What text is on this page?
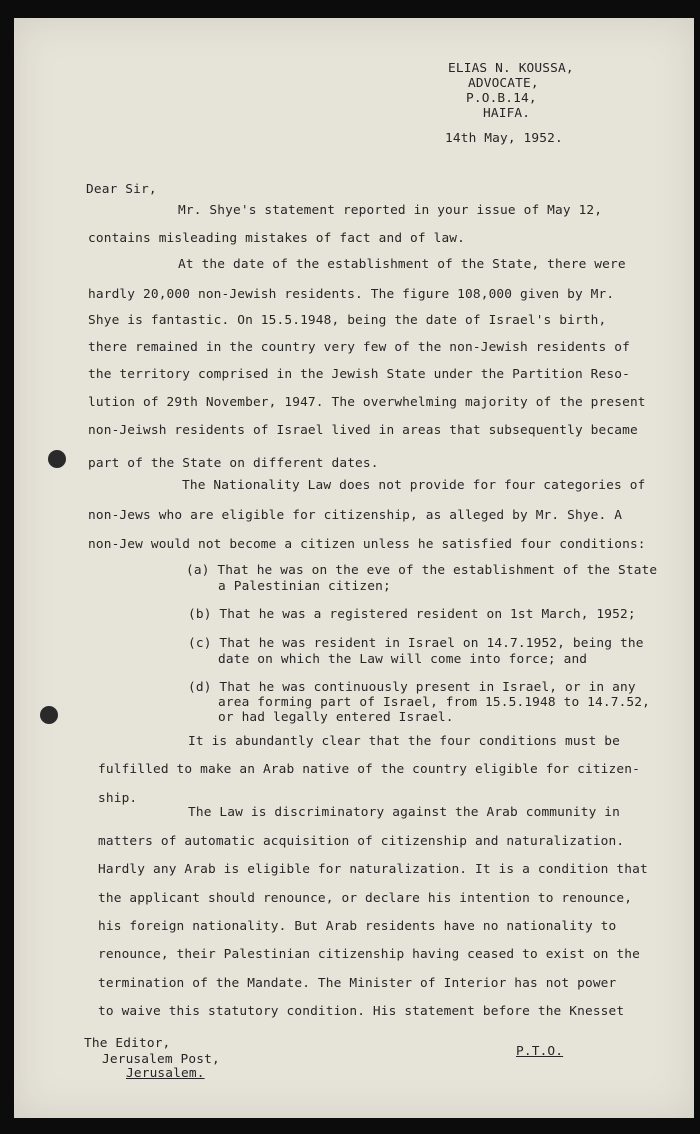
ELIAS N. KOUSSA,
ADVOCATE,
P.O.B.14,
HAIFA.
14th May, 1952.
Dear Sir,
Mr. Shye's statement reported in your issue of May 12,
contains misleading mistakes of fact and of law.
At the date of the establishment of the State, there were
hardly 20,000 non-Jewish residents. The figure 108,000 given by Mr.
Shye is fantastic. On 15.5.1948, being the date of Israel's birth,
there remained in the country very few of the non-Jewish residents of
the territory comprised in the Jewish State under the Partition Reso-
lution of 29th November, 1947. The overwhelming majority of the present
non-Jeiwsh residents of Israel lived in areas that subsequently became
part of the State on different dates.
The Nationality Law does not provide for four categories of
non-Jews who are eligible for citizenship, as alleged by Mr. Shye. A
non-Jew would not become a citizen unless he satisfied four conditions:
(a) That he was on the eve of the establishment of the State
a Palestinian citizen;
(b) That he was a registered resident on 1st March, 1952;
(c) That he was resident in Israel on 14.7.1952, being the
date on which the Law will come into force; and
(d) That he was continuously present in Israel, or in any
area forming part of Israel, from 15.5.1948 to 14.7.52,
or had legally entered Israel.
It is abundantly clear that the four conditions must be
fulfilled to make an Arab native of the country eligible for citizen-
ship.
The Law is discriminatory against the Arab community in
matters of automatic acquisition of citizenship and naturalization.
Hardly any Arab is eligible for naturalization. It is a condition that
the applicant should renounce, or declare his intention to renounce,
his foreign nationality. But Arab residents have no nationality to
renounce, their Palestinian citizenship having ceased to exist on the
termination of the Mandate. The Minister of Interior has not power
to waive this statutory condition. His statement before the Knesset
The Editor,
Jerusalem Post,
Jerusalem.
P.T.O.
